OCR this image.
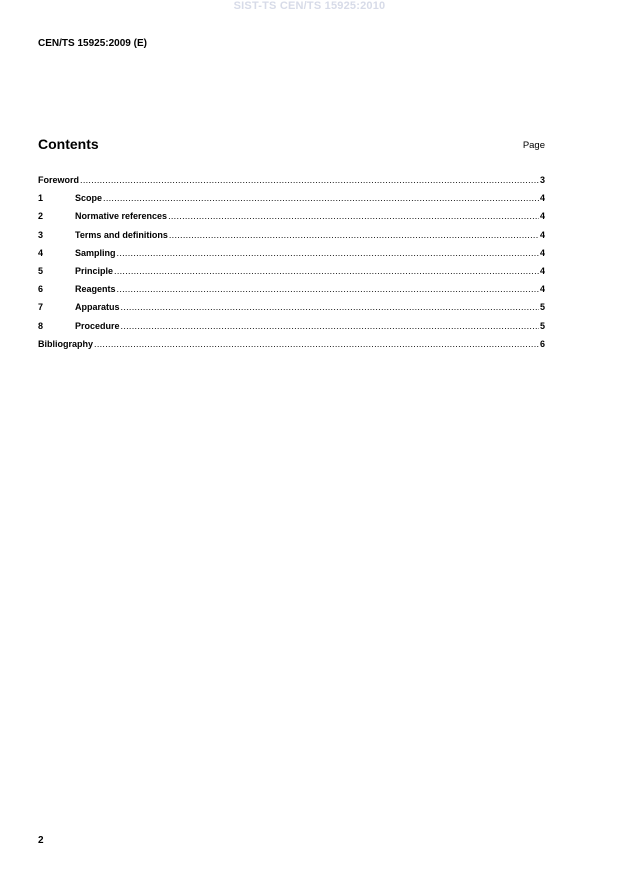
SIST-TS CEN/TS 15925:2010
CEN/TS 15925:2009 (E)
Contents	Page
Foreword .....	3
1	Scope .....	4
2	Normative references .....	4
3	Terms and definitions .....	4
4	Sampling .....	4
5	Principle .....	4
6	Reagents .....	4
7	Apparatus .....	5
8	Procedure .....	5
Bibliography .....	6
2
